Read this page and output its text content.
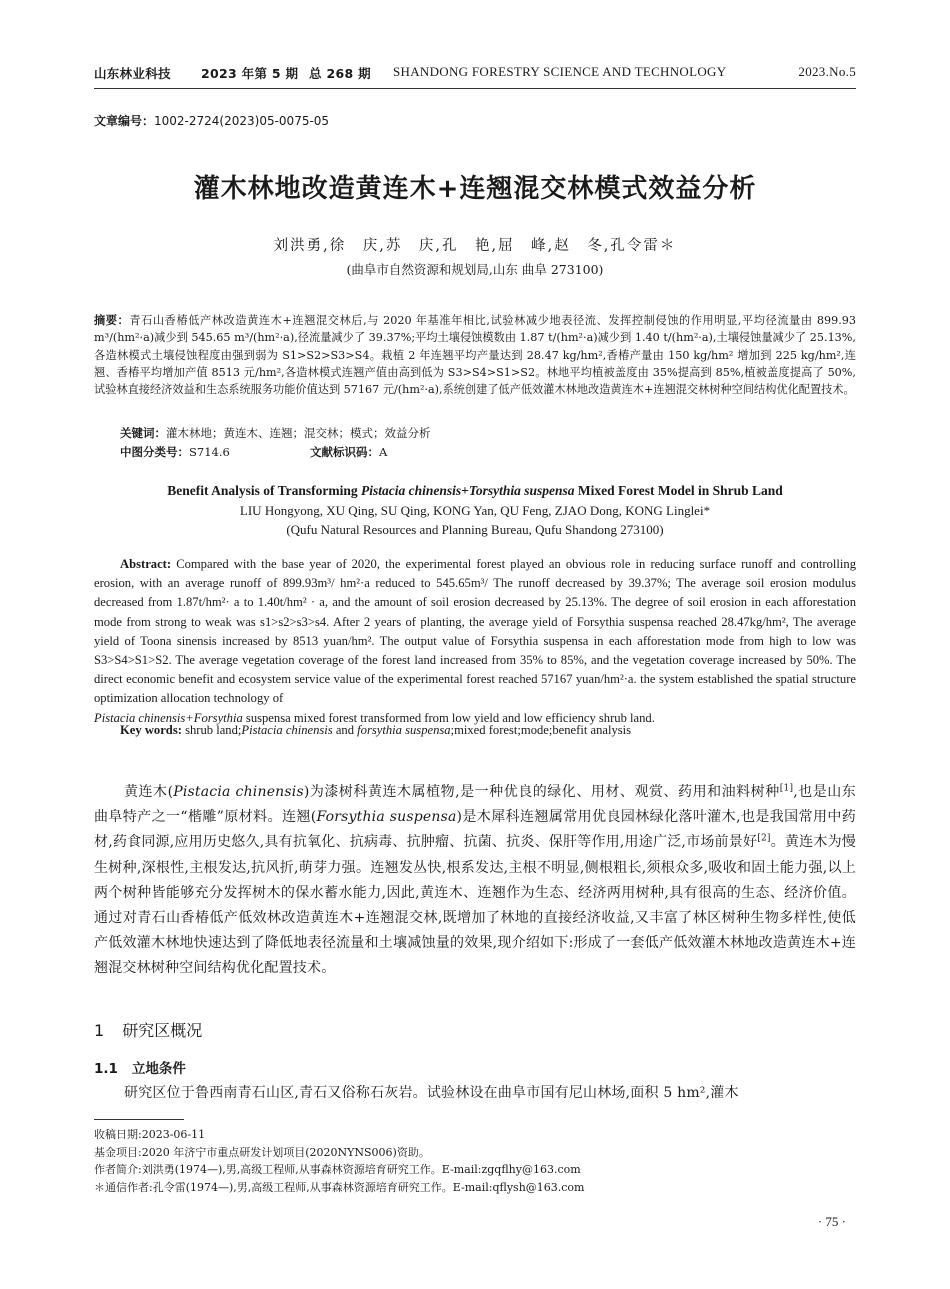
山东林业科技 2023 年第 5 期 总 268 期 SHANDONG FORESTRY SCIENCE AND TECHNOLOGY	2023.No.5
文章编号：1002-2724(2023)05-0075-05
灌木林地改造黄连木+连翘混交林模式效益分析
刘洪勇,徐　庆,苏　庆,孔　艳,屈　峰,赵　冬,孔令雷＊
(曲阜市自然资源和规划局,山东 曲阜 273100)
摘要：青石山香椿低产林改造黄连木+连翘混交林后,与 2020 年基准年相比,试验林减少地表径流、发挥控制侵蚀的作用明显,平均径流量由 899.93 m³/(hm²·a)减少到 545.65 m³/(hm²·a),径流量减少了 39.37%;平均土壤侵蚀模数由 1.87 t/(hm²·a)减少到 1.40 t/(hm²·a),土壤侵蚀量减少了 25.13%,各造林模式土壤侵蚀程度由强到弱为 S1>S2>S3>S4。栽植 2 年连翘平均产量达到 28.47 kg/hm²,香椿产量由 150 kg/hm² 增加到 225 kg/hm²,连翘、香椿平均增加产值 8513 元/hm²,各造林模式连翘产值由高到低为 S3>S4>S1>S2。林地平均植被盖度由 35%提高到 85%,植被盖度提高了 50%,试验林直接经济效益和生态系统服务功能价值达到 57167 元/(hm²·a),系统创建了低产低效灌木林地改造黄连木+连翘混交林树种空间结构优化配置技术。
关键词：灌木林地；黄连木、连翘；混交林；模式；效益分析
中图分类号：S714.6	文献标识码：A
Benefit Analysis of Transforming Pistacia chinensis+Torsythia suspensa Mixed Forest Model in Shrub Land
LIU Hongyong, XU Qing, SU Qing, KONG Yan, QU Feng, ZJAO Dong, KONG Linglei*
(Qufu Natural Resources and Planning Bureau, Qufu Shandong 273100)
Abstract: Compared with the base year of 2020, the experimental forest played an obvious role in reducing surface runoff and controlling erosion, with an average runoff of 899.93m³/ hm²·a reduced to 545.65m³/ The runoff decreased by 39.37%; The average soil erosion modulus decreased from 1.87t/hm²· a to 1.40t/hm² · a, and the amount of soil erosion decreased by 25.13%. The degree of soil erosion in each afforestation mode from strong to weak was s1>s2>s3>s4. After 2 years of planting, the average yield of Forsythia suspensa reached 28.47kg/hm², The average yield of Toona sinensis increased by 8513 yuan/hm². The output value of Forsythia suspensa in each afforestation mode from high to low was S3>S4>S1>S2. The average vegetation coverage of the forest land increased from 35% to 85%, and the vegetation coverage increased by 50%. The direct economic benefit and ecosystem service value of the experimental forest reached 57167 yuan/hm²·a. the system established the spatial structure optimization allocation technology of
Pistacia chinensis+Forsythia suspensa mixed forest transformed from low yield and low efficiency shrub land.
Key words: shrub land;Pistacia chinensis and forsythia suspensa;mixed forest;mode;benefit analysis
黄连木(Pistacia chinensis)为漆树科黄连木属植物,是一种优良的绿化、用材、观赏、药用和油料树种[1],也是山东曲阜特产之一“楷雕”原材料。连翘(Forsythia suspensa)是木犀科连翘属常用优良园林绿化落叶灌木,也是我国常用中药材,药食同源,应用历史悠久,具有抗氧化、抗病毒、抗肿瘤、抗菌、抗炎、保肝等作用,用途广泛,市场前景好[2]。黄连木为慢生树种,深根性,主根发达,抗风折,萌芽力强。连翘发丛快,根系发达,主根不明显,侧根粗长,须根众多,吸收和固土能力强,以上两个树种皆能够充分发挥树木的保水蓄水能力,因此,黄连木、连翘作为生态、经济两用树种,具有很高的生态、经济价值。通过对青石山香椿低产低效林改造黄连木+连翘混交林,既增加了林地的直接经济收益,又丰富了林区树种生物多样性,使低产低效灌木林地快速达到了降低地表径流量和土壤减蚀量的效果,现介绍如下:形成了一套低产低效灌木林地改造黄连木+连翘混交林树种空间结构优化配置技术。
1 研究区概况
1.1 立地条件
研究区位于鲁西南青石山区,青石又俗称石灰岩。试验林设在曲阜市国有尼山林场,面积 5 hm²,灌木
收稿日期:2023-06-11
基金项目:2020 年济宁市重点研发计划项目(2020NYNS006)资助。
作者简介:刘洪勇(1974—),男,高级工程师,从事森林资源培育研究工作。E-mail:zgqflhy@163.com
＊通信作者:孔令雷(1974—),男,高级工程师,从事森林资源培育研究工作。E-mail:qflysh@163.com
· 75 ·
